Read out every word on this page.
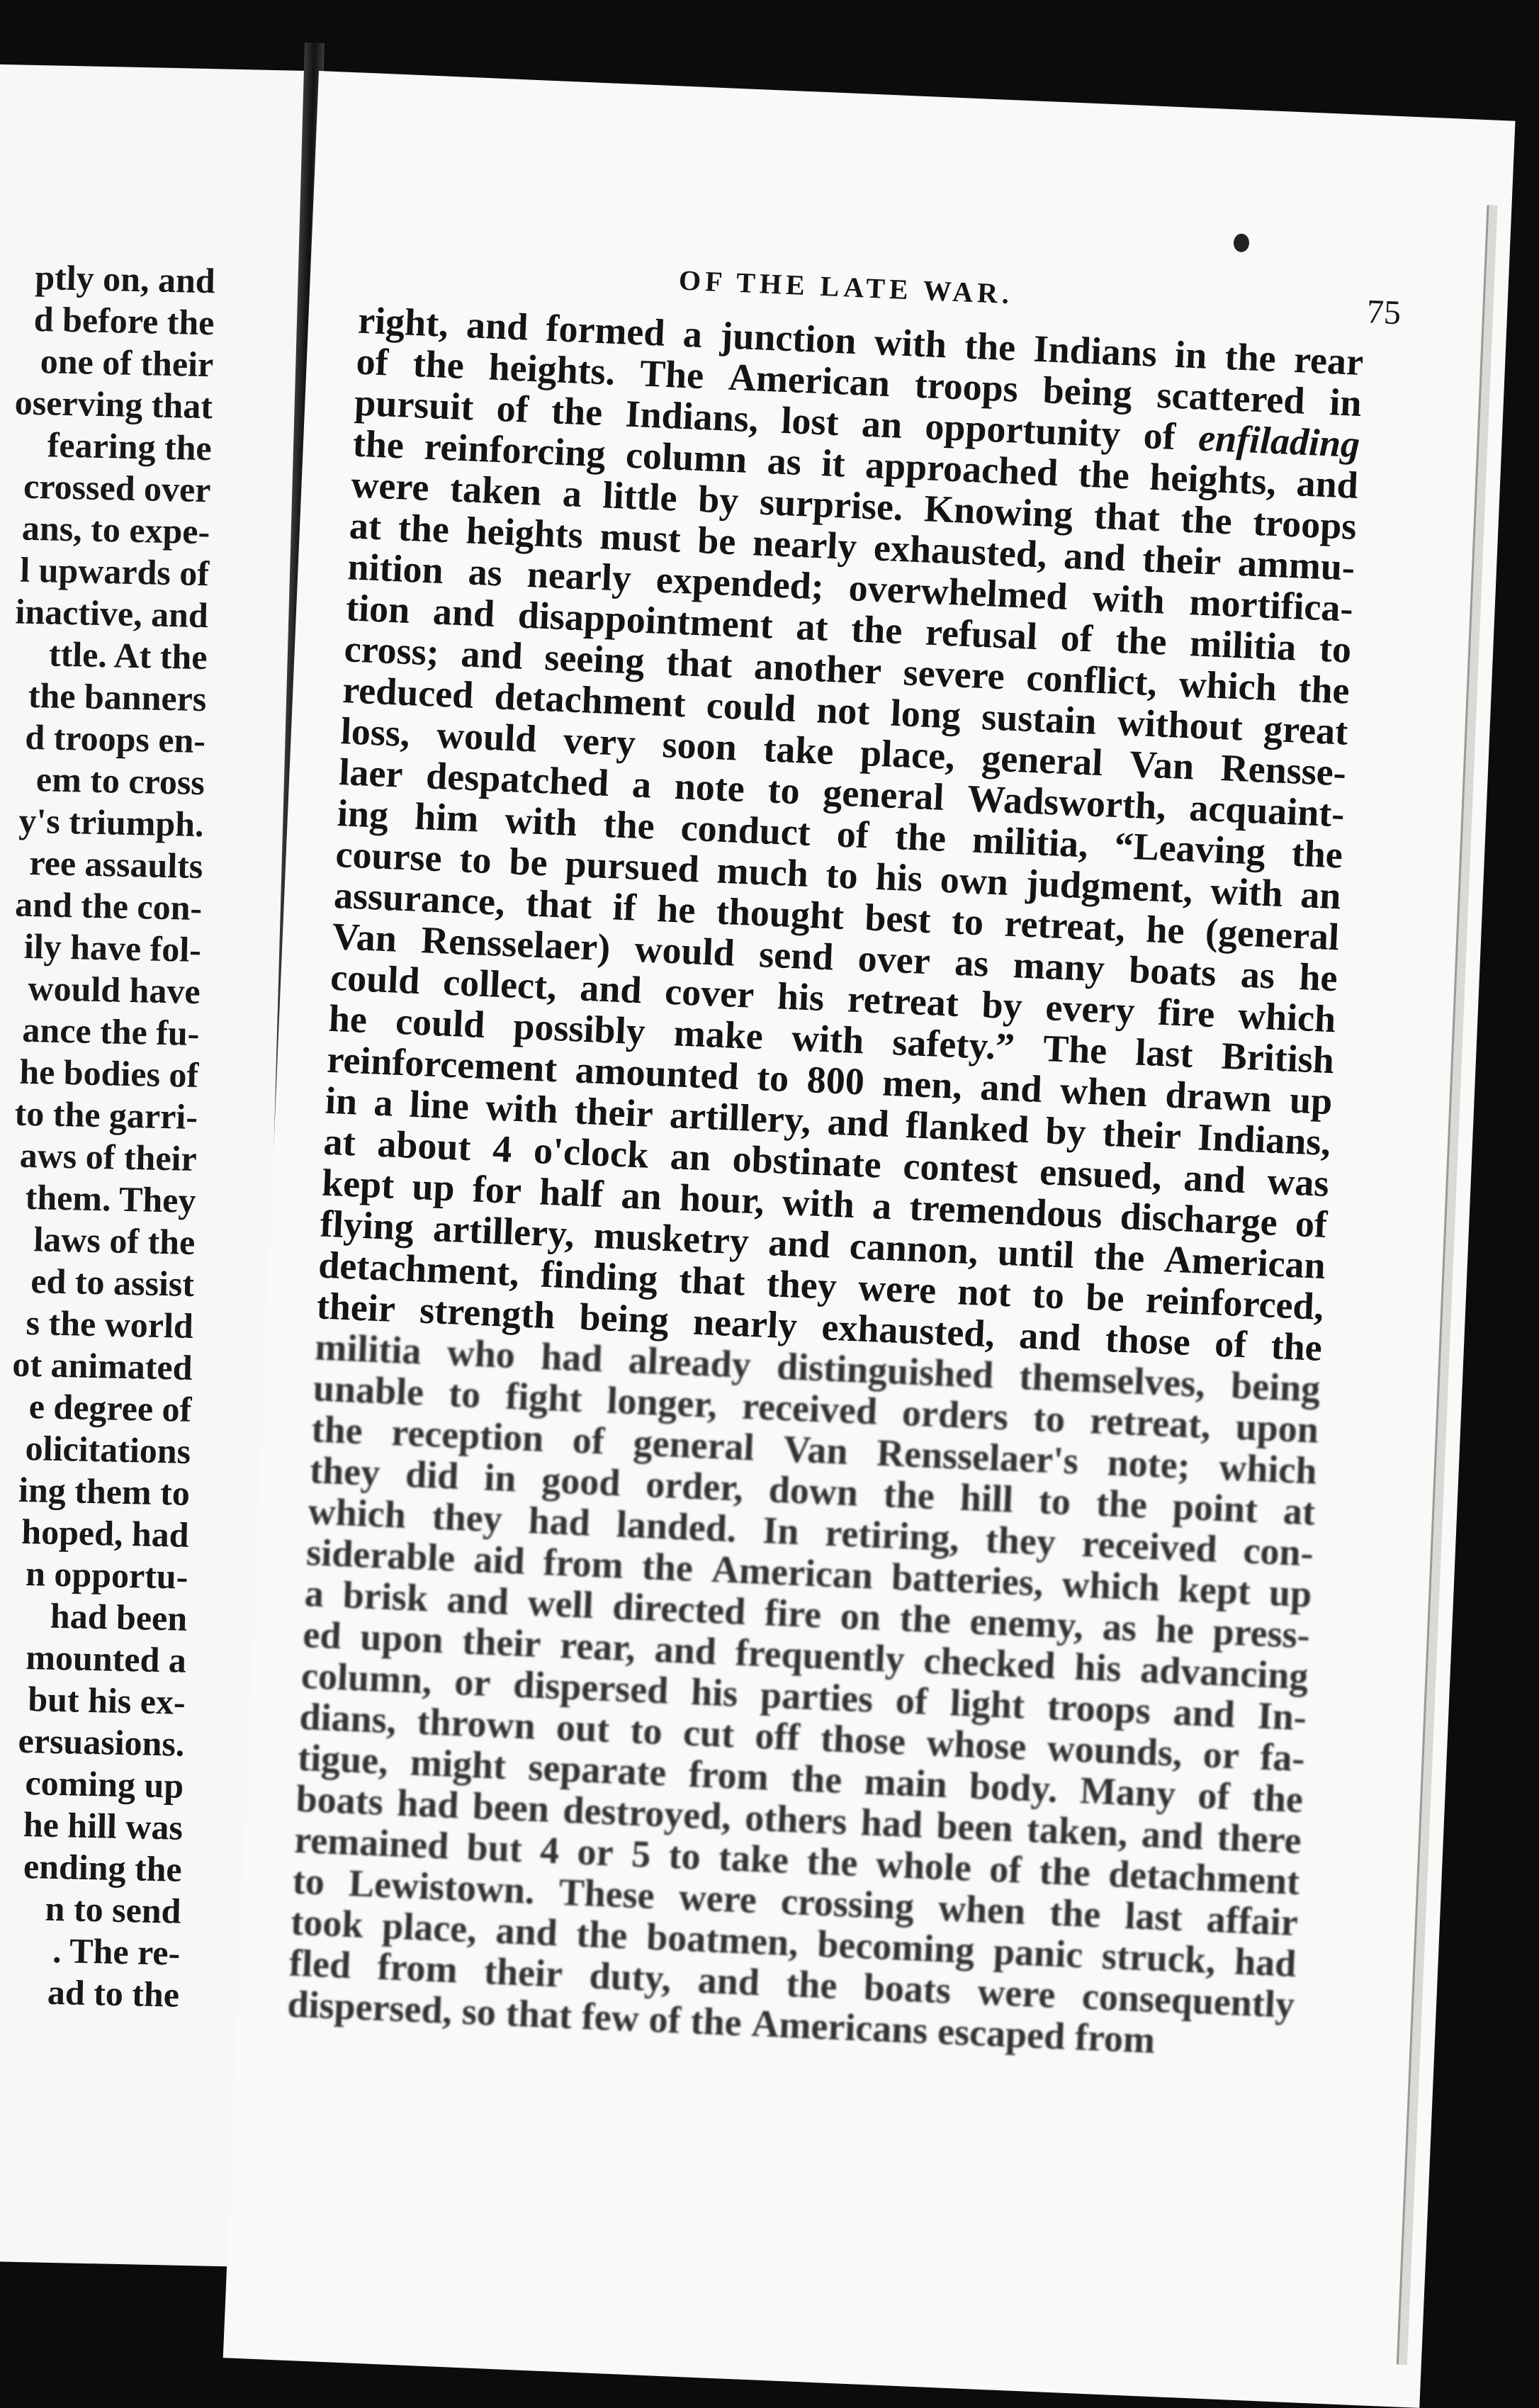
ptly on, and
d before the
one of their
oserving that
fearing the
crossed over
ans, to expe-
l upwards of
inactive, and
ttle. At the
the banners
d troops en-
em to cross
y's triumph.
ree assaults
and the con-
ily have fol-
would have
ance the fu-
he bodies of
to the garri-
aws of their
them. They
laws of the
ed to assist
s the world
ot animated
e degree of
olicitations
ing them to
hoped, had
n opportu-
had been
mounted a
but his ex-
ersuasions.
coming up
he hill was
ending the
n to send
. The re-
ad to the
OF THE LATE WAR.
75
right, and formed a junction with the Indians in the rear
of the heights. The American troops being scattered in
pursuit of the Indians, lost an opportunity of enfilading
the reinforcing column as it approached the heights, and
were taken a little by surprise. Knowing that the troops
at the heights must be nearly exhausted, and their ammu-
nition as nearly expended; overwhelmed with mortifica-
tion and disappointment at the refusal of the militia to
cross; and seeing that another severe conflict, which the
reduced detachment could not long sustain without great
loss, would very soon take place, general Van Rensse-
laer despatched a note to general Wadsworth, acquaint-
ing him with the conduct of the militia, “Leaving the
course to be pursued much to his own judgment, with an
assurance, that if he thought best to retreat, he (general
Van Rensselaer) would send over as many boats as he
could collect, and cover his retreat by every fire which
he could possibly make with safety.” The last British
reinforcement amounted to 800 men, and when drawn up
in a line with their artillery, and flanked by their Indians,
at about 4 o'clock an obstinate contest ensued, and was
kept up for half an hour, with a tremendous discharge of
flying artillery, musketry and cannon, until the American
detachment, finding that they were not to be reinforced,
their strength being nearly exhausted, and those of the
militia who had already distinguished themselves, being
unable to fight longer, received orders to retreat, upon
the reception of general Van Rensselaer's note; which
they did in good order, down the hill to the point at
which they had landed. In retiring, they received con-
siderable aid from the American batteries, which kept up
a brisk and well directed fire on the enemy, as he press-
ed upon their rear, and frequently checked his advancing
column, or dispersed his parties of light troops and In-
dians, thrown out to cut off those whose wounds, or fa-
tigue, might separate from the main body. Many of the
boats had been destroyed, others had been taken, and there
remained but 4 or 5 to take the whole of the detachment
to Lewistown. These were crossing when the last affair
took place, and the boatmen, becoming panic struck, had
fled from their duty, and the boats were consequently
dispersed, so that few of the Americans escaped from
